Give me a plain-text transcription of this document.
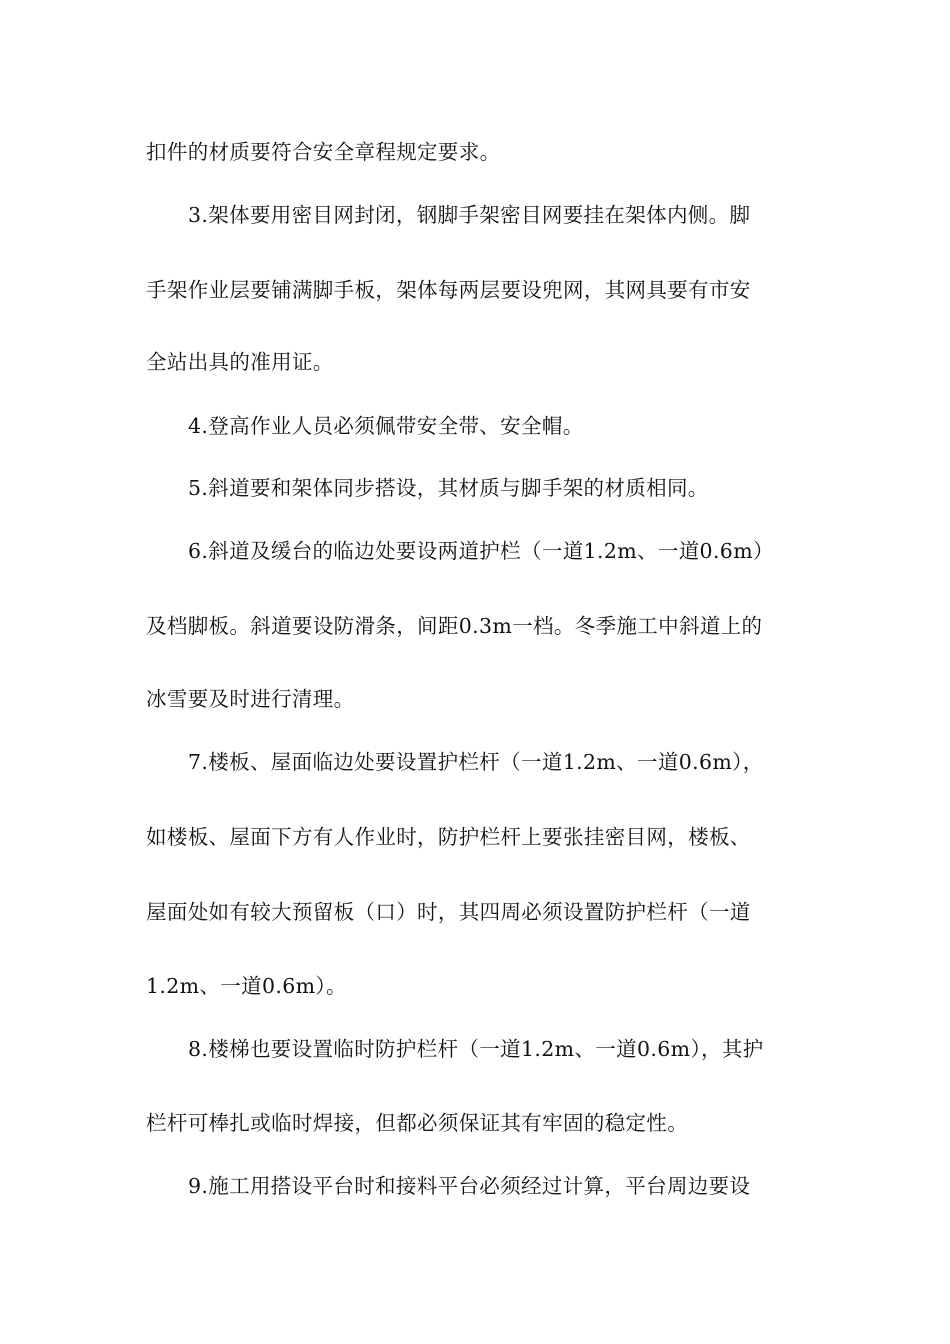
扣件的材质要符合安全章程规定要求。
3.架体要用密目网封闭，钢脚手架密目网要挂在架体内侧。脚
手架作业层要铺满脚手板，架体每两层要设兜网，其网具要有市安
全站出具的准用证。
4.登高作业人员必须佩带安全带、安全帽。
5.斜道要和架体同步搭设，其材质与脚手架的材质相同。
6.斜道及缓台的临边处要设两道护栏（一道1.2m、一道0.6m）
及档脚板。斜道要设防滑条，间距0.3m一档。冬季施工中斜道上的
冰雪要及时进行清理。
7.楼板、屋面临边处要设置护栏杆（一道1.2m、一道0.6m），
如楼板、屋面下方有人作业时，防护栏杆上要张挂密目网，楼板、
屋面处如有较大预留板（口）时，其四周必须设置防护栏杆（一道
1.2m、一道0.6m）。
8.楼梯也要设置临时防护栏杆（一道1.2m、一道0.6m），其护
栏杆可棒扎或临时焊接，但都必须保证其有牢固的稳定性。
9.施工用搭设平台时和接料平台必须经过计算，平台周边要设
